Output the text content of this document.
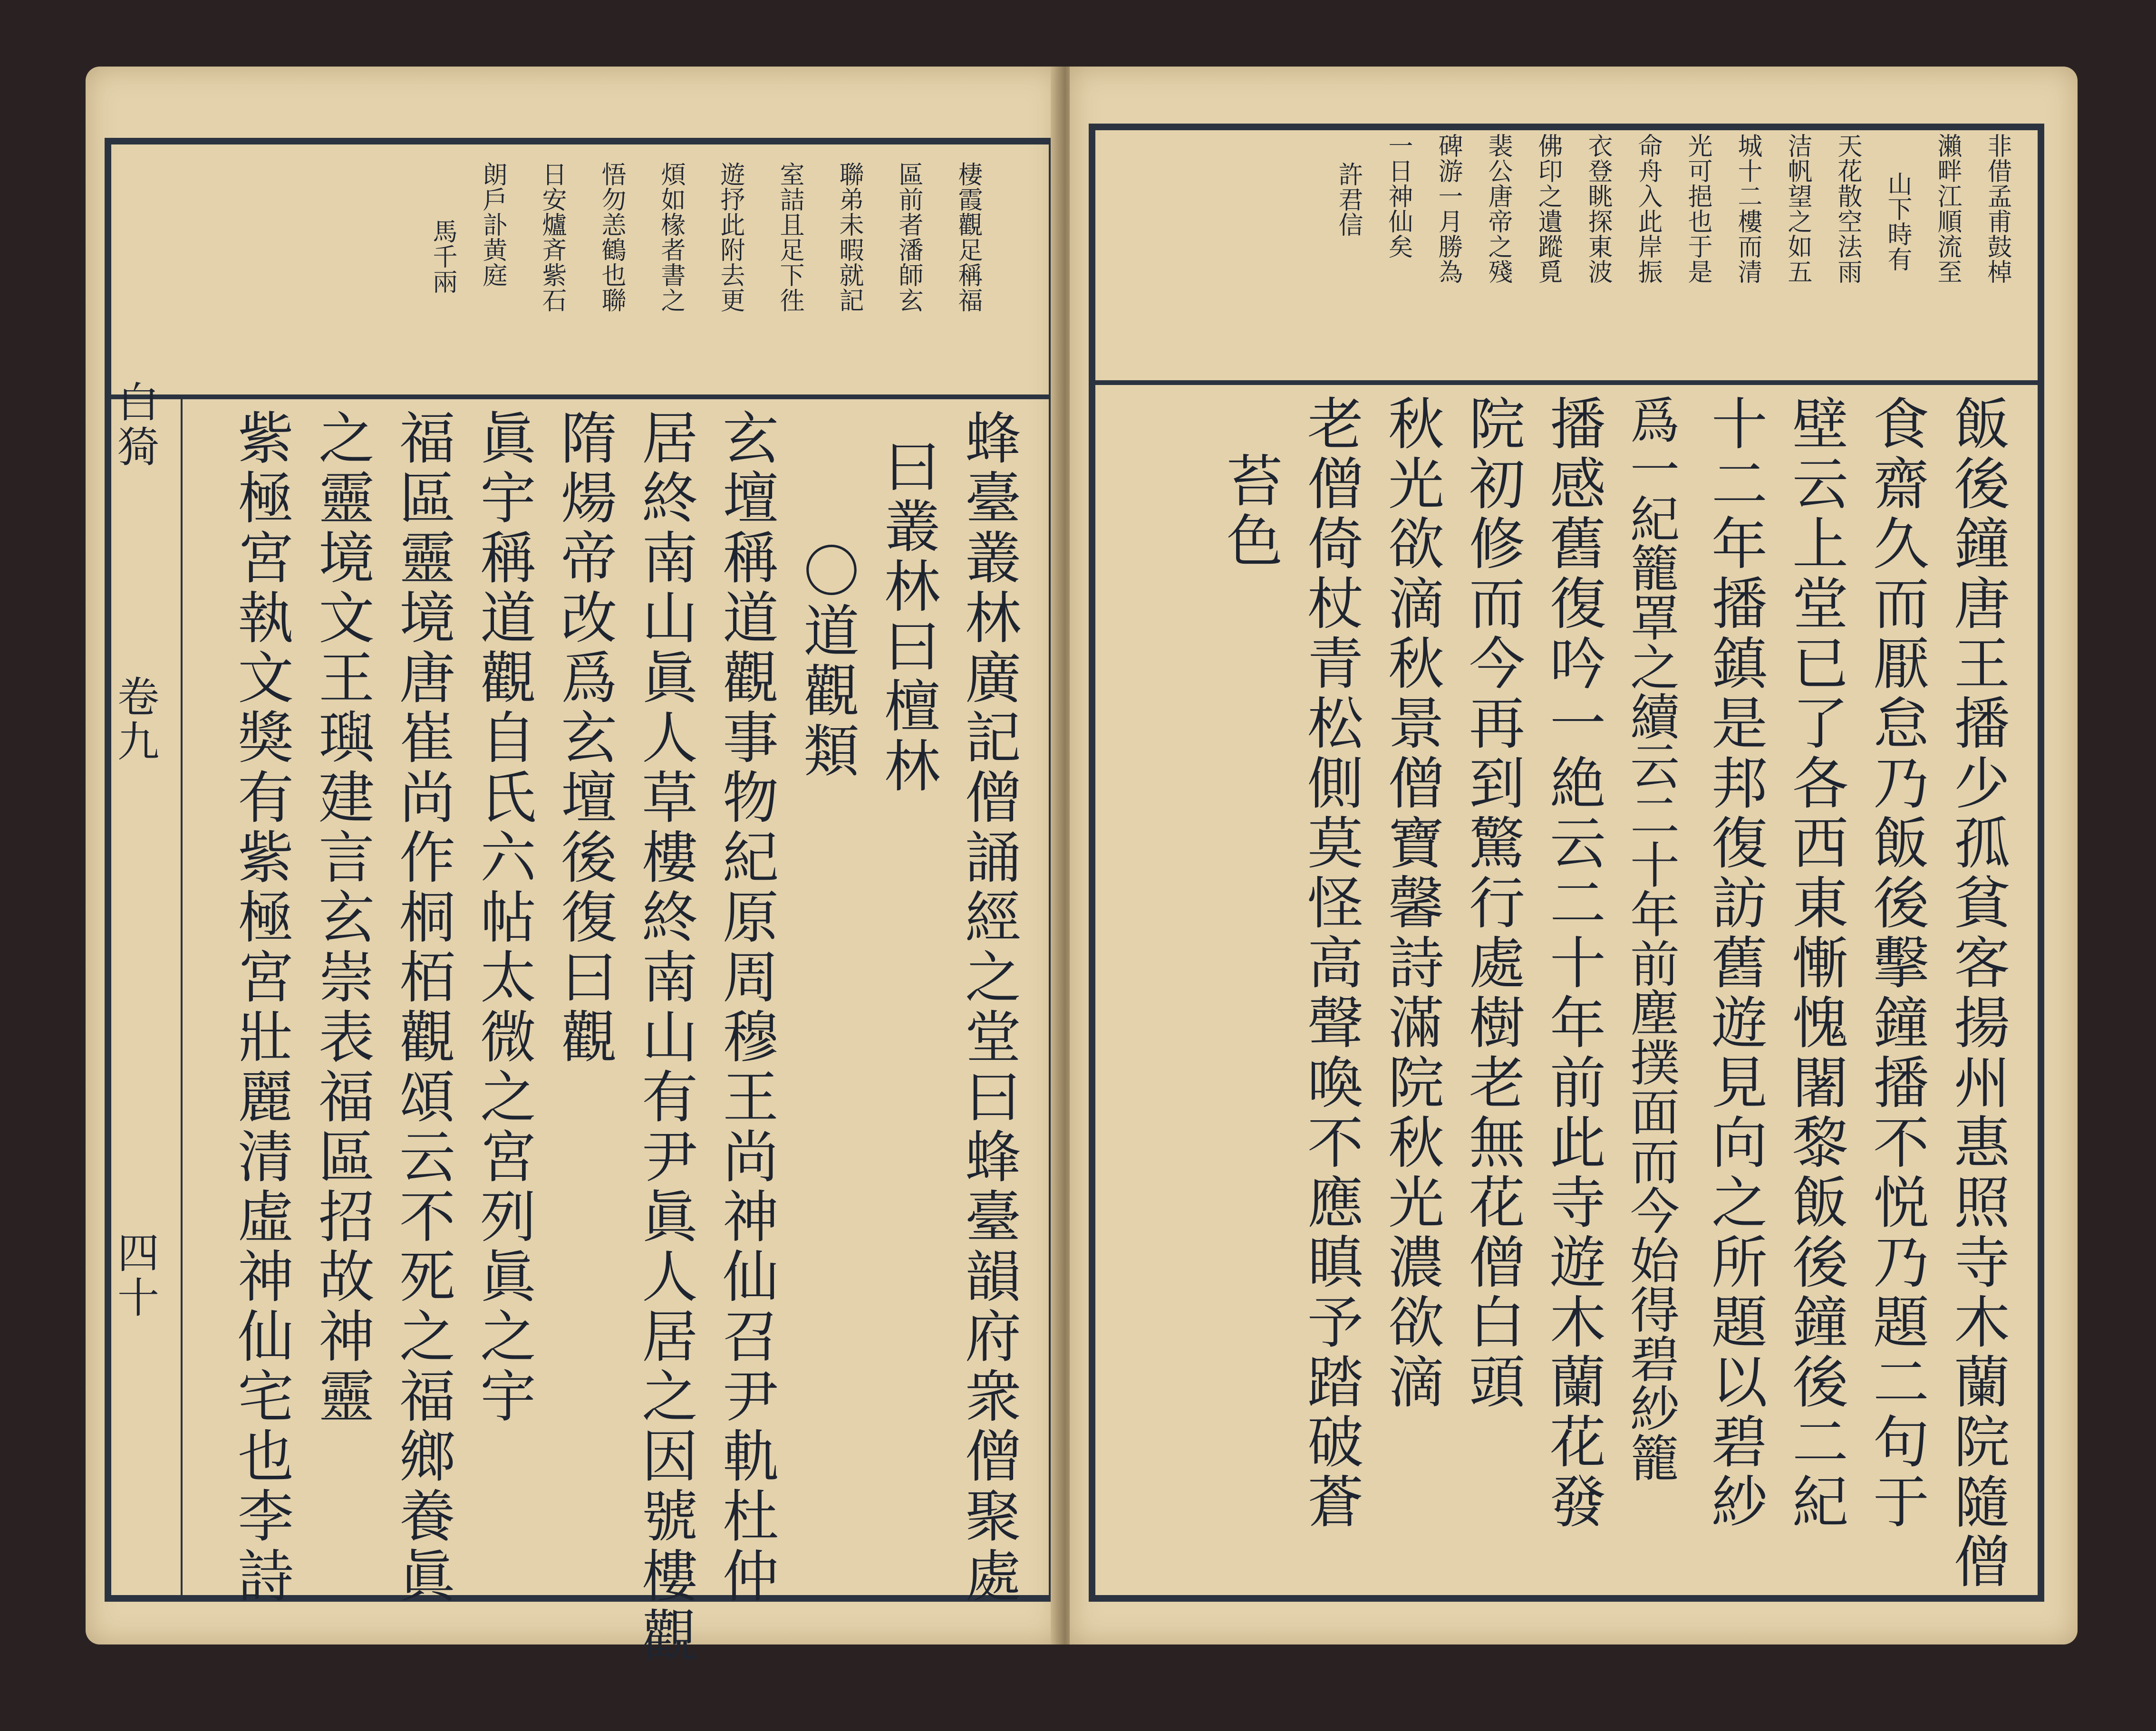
棲霞觀足稱福
區前者潘師玄
聯弟未暇就記
室詰且足下徃
遊抒此附去更
煩如椽者書之
悟勿恙鶴也聯
日安爐斉紫石
朗戶訃黄庭
馬千兩
白猗
卷九
四十	蜂臺叢林廣記僧誦經之堂曰蜂臺韻府衆僧聚處
曰叢林曰檀林
〇道觀類
玄壇稱道觀事物紀原周穆王尚神仙召尹軌杜仲
居終南山眞人草樓終南山有尹眞人居之因號樓觀
隋煬帝改爲玄壇後復曰觀
眞宇稱道觀自氏六帖太微之宮列眞之宇
福區靈境唐崔尚作桐栢觀頌云不死之福鄉養眞
之靈境文王璵建言玄崇表福區招故神靈
紫極宮執文獎有紫極宮壯麗清虛神仙宅也李詩
非借孟甫鼓棹
瀨畔江順流至
山下時有
天花散空法雨
洁帆望之如五
城十二樓而清
光可挹也于是
命舟入此岸振
衣登眺探東波
佛印之遺蹤覓
裴公唐帝之殘
碑游一月勝為
一日神仙矣
許君信
飯後鐘唐王播少孤貧客揚州惠照寺木蘭院隨僧
食齋久而厭怠乃飯後擊鐘播不悦乃題二句于
壁云上堂已了各西東慚愧闍黎飯後鐘後二紀
十二年播鎮是邦復訪舊遊見向之所題以碧紗
爲一紀籠罩之續云二十年前塵撲面而今始得碧紗籠
播感舊復吟一絶云二十年前此寺遊木蘭花發
院初修而今再到驚行處樹老無花僧白頭
秋光欲滴秋景僧寶馨詩滿院秋光濃欲滴
老僧倚杖青松側莫怪高聲喚不應瞋予踏破蒼
苔色
